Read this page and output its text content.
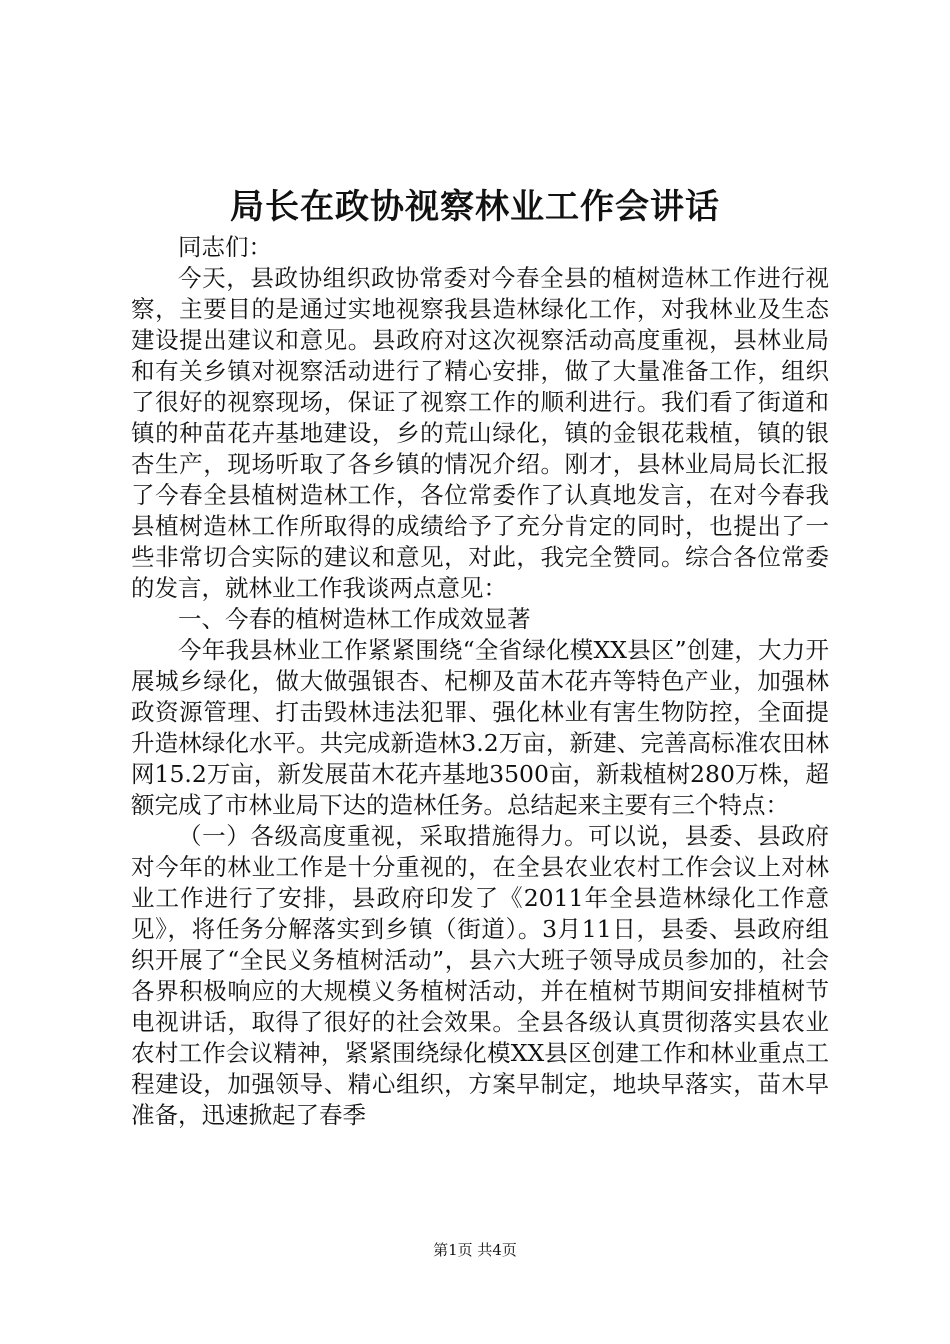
局长在政协视察林业工作会讲话

同志们：

今天，县政协组织政协常委对今春全县的植树造林工作进行视察，主要目的是通过实地视察我县造林绿化工作，对我林业及生态建设提出建议和意见。县政府对这次视察活动高度重视，县林业局和有关乡镇对视察活动进行了精心安排，做了大量准备工作，组织了很好的视察现场，保证了视察工作的顺利进行。我们看了街道和镇的种苗花卉基地建设，乡的荒山绿化，镇的金银花栽植，镇的银杏生产，现场听取了各乡镇的情况介绍。刚才，县林业局局长汇报了今春全县植树造林工作，各位常委作了认真地发言，在对今春我县植树造林工作所取得的成绩给予了充分肯定的同时，也提出了一些非常切合实际的建议和意见，对此，我完全赞同。综合各位常委的发言，就林业工作我谈两点意见：

一、今春的植树造林工作成效显著

今年我县林业工作紧紧围绕“全省绿化模XX县区”创建，大力开展城乡绿化，做大做强银杏、杞柳及苗木花卉等特色产业，加强林政资源管理、打击毁林违法犯罪、强化林业有害生物防控，全面提升造林绿化水平。共完成新造林3.2万亩，新建、完善高标准农田林网15.2万亩，新发展苗木花卉基地3500亩，新栽植树280万株，超额完成了市林业局下达的造林任务。总结起来主要有三个特点：

（一）各级高度重视，采取措施得力。可以说，县委、县政府对今年的林业工作是十分重视的，在全县农业农村工作会议上对林业工作进行了安排，县政府印发了《2011年全县造林绿化工作意见》，将任务分解落实到乡镇（街道）。3月11日，县委、县政府组织开展了“全民义务植树活动”，县六大班子领导成员参加的，社会各界积极响应的大规模义务植树活动，并在植树节期间安排植树节电视讲话，取得了很好的社会效果。全县各级认真贯彻落实县农业农村工作会议精神，紧紧围绕绿化模XX县区创建工作和林业重点工程建设，加强领导、精心组织，方案早制定，地块早落实，苗木早准备，迅速掀起了春季

第1页 共4页
